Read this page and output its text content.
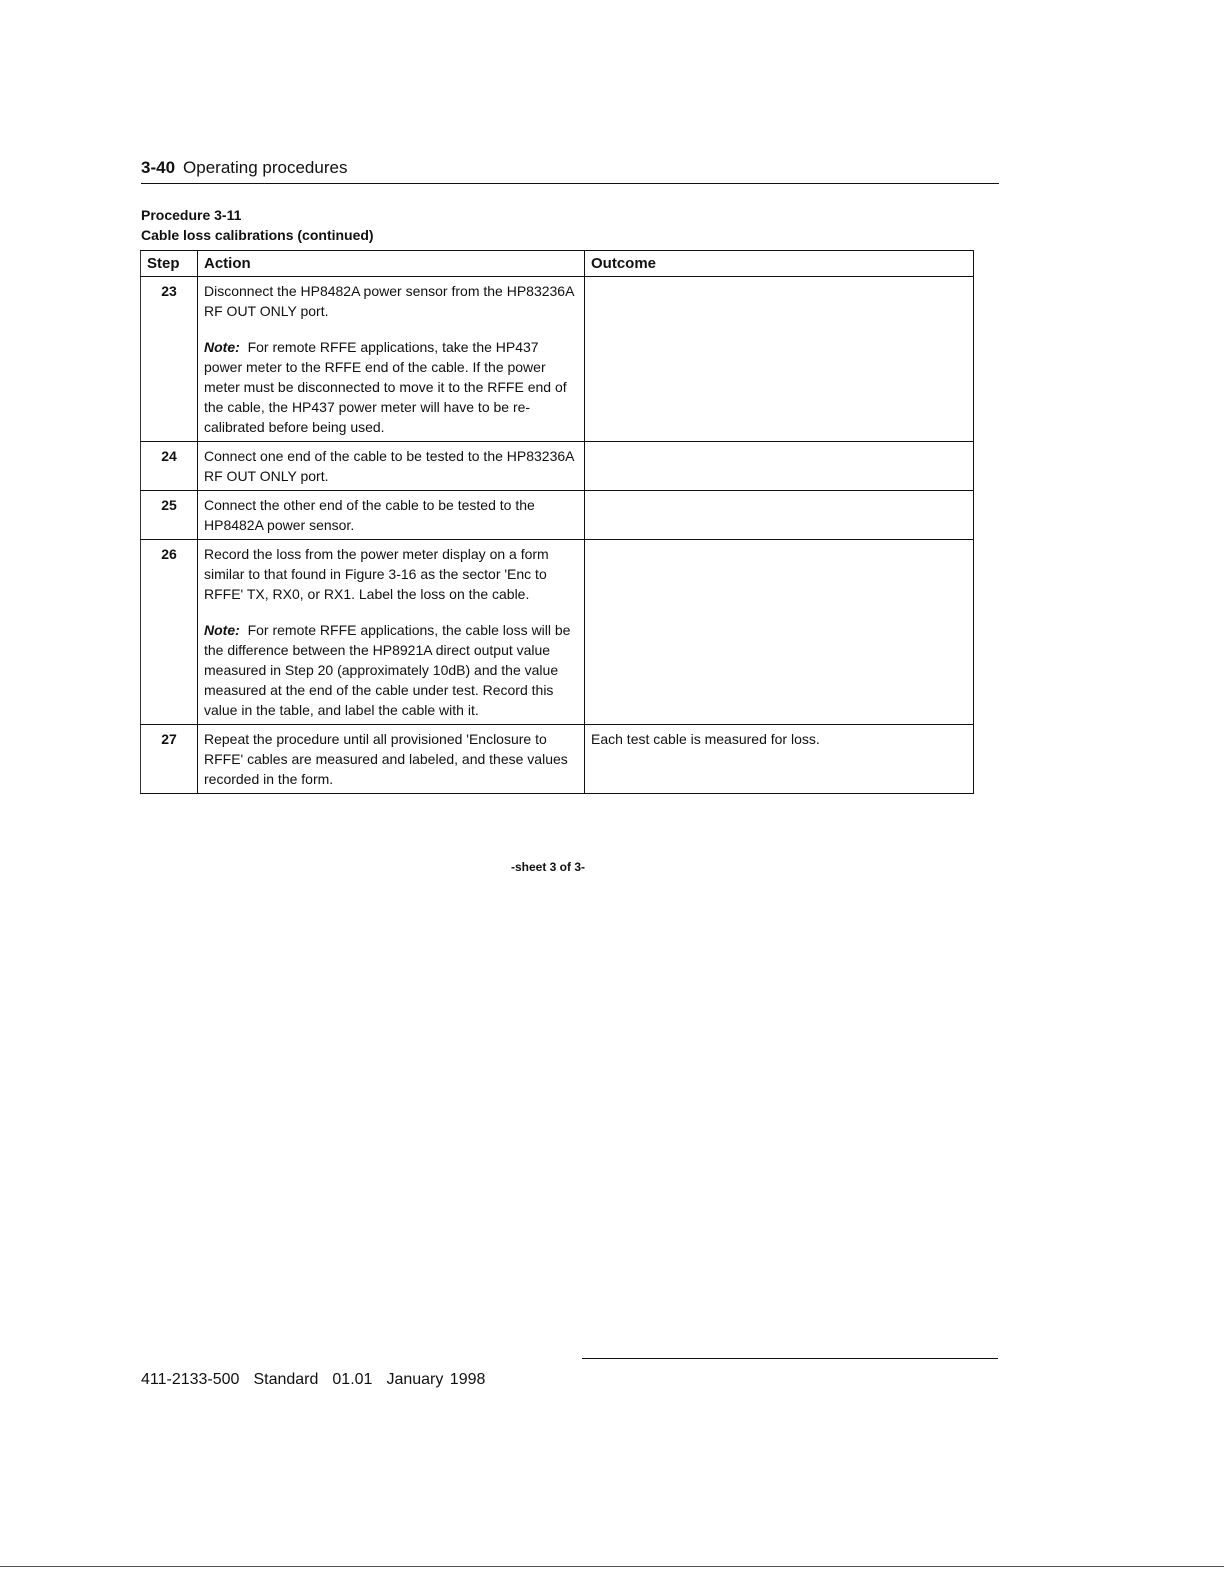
3-40 Operating procedures
Procedure 3-11
Cable loss calibrations (continued)
Step	Action	Outcome
23	Disconnect the HP8482A power sensor from the HP83236A RF OUT ONLY port.

Note: For remote RFFE applications, take the HP437 power meter to the RFFE end of the cable. If the power meter must be disconnected to move it to the RFFE end of the cable, the HP437 power meter will have to be re-calibrated before being used.	

24	Connect one end of the cable to be tested to the HP83236A RF OUT ONLY port.	

25	Connect the other end of the cable to be tested to the HP8482A power sensor.	

26	Record the loss from the power meter display on a form similar to that found in Figure 3-16 as the sector 'Enc to RFFE' TX, RX0, or RX1. Label the loss on the cable.

Note: For remote RFFE applications, the cable loss will be the difference between the HP8921A direct output value measured in Step 20 (approximately 10dB) and the value measured at the end of the cable under test. Record this value in the table, and label the cable with it.	

27	Repeat the procedure until all provisioned 'Enclosure to RFFE' cables are measured and labeled, and these values recorded in the form.	Each test cable is measured for loss.
-sheet 3 of 3-
411-2133-500 Standard 01.01 January 1998
